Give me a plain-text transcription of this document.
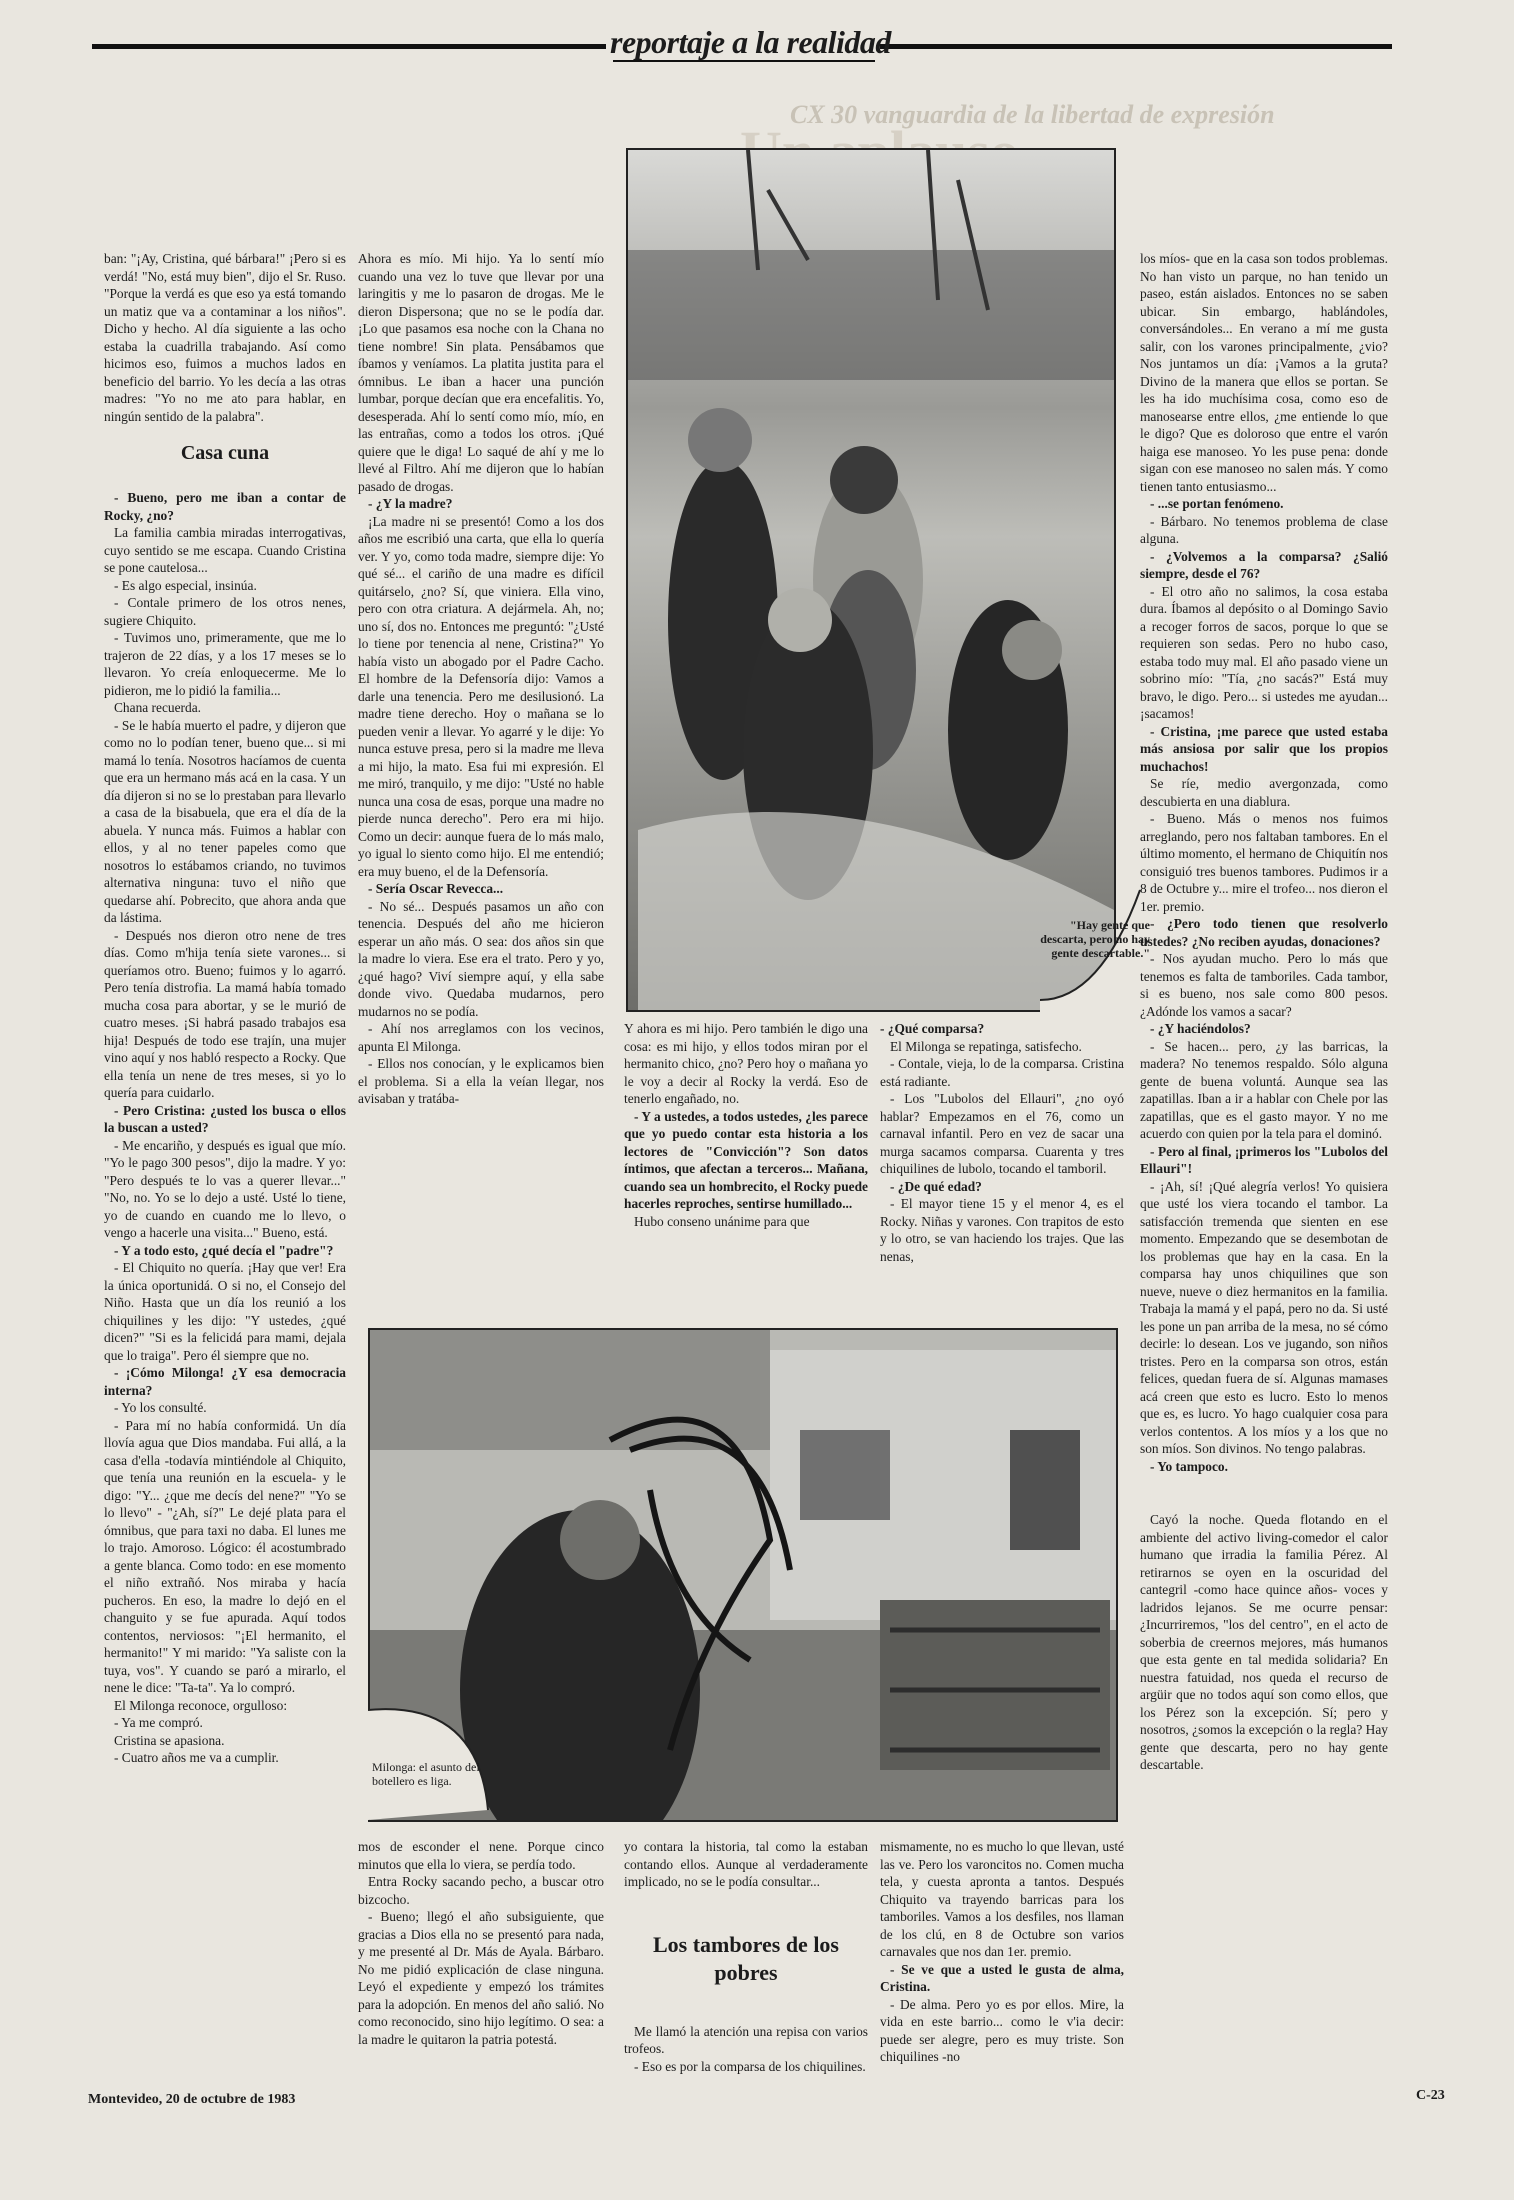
reportaje a la realidad
CX 30 vanguardia de la libertad de expresión

ban: "¡Ay, Cristina, qué bárbara!" ¡Pero si es verdá! "No, está muy bien", dijo el Sr. Ruso. "Porque la verdá es que eso ya está tomando un matiz que va a contaminar a los niños". Dicho y hecho. Al día siguiente a las ocho estaba la cuadrilla trabajando. Así como hicimos eso, fuimos a muchos lados en beneficio del barrio. Yo les decía a las otras madres: "Yo no me ato para hablar, en ningún sentido de la palabra".

Casa cuna

- Bueno, pero me iban a contar de Rocky, ¿no?

La familia cambia miradas interrogativas, cuyo sentido se me escapa. Cuando Cristina se pone cautelosa...

- Es algo especial, insinúa.

- Contale primero de los otros nenes, sugiere Chiquito.

- Tuvimos uno, primeramente, que me lo trajeron de 22 días, y a los 17 meses se lo llevaron. Yo creía enloquecerme. Me lo pidieron, me lo pidió la familia...

Chana recuerda.

- Se le había muerto el padre, y dijeron que como no lo podían tener, bueno que... si mi mamá lo tenía. Nosotros hacíamos de cuenta que era un hermano más acá en la casa. Y un día dijeron si no se lo prestaban para llevarlo a casa de la bisabuela, que era el día de la abuela. Y nunca más. Fuimos a hablar con ellos, y al no tener papeles como que nosotros lo estábamos criando, no tuvimos alternativa ninguna: tuvo el niño que quedarse ahí. Pobrecito, que ahora anda que da lástima.

- Después nos dieron otro nene de tres días. Como m'hija tenía siete varones... si queríamos otro. Bueno; fuimos y lo agarró. Pero tenía distrofia. La mamá había tomado mucha cosa para abortar, y se le murió de cuatro meses. ¡Si habrá pasado trabajos esa hija! Después de todo ese trajín, una mujer vino aquí y nos habló respecto a Rocky. Que ella tenía un nene de tres meses, si yo lo quería para cuidarlo.

- Pero Cristina: ¿usted los busca o ellos la buscan a usted?

- Me encariño, y después es igual que mío. "Yo le pago 300 pesos", dijo la madre. Y yo: "Pero después te lo vas a querer llevar..." "No, no. Yo se lo dejo a usté. Usté lo tiene, yo de cuando en cuando me lo llevo, o vengo a hacerle una visita..." Bueno, está.

- Y a todo esto, ¿qué decía el "padre"?

- El Chiquito no quería. ¡Hay que ver! Era la única oportunidá. O si no, el Consejo del Niño. Hasta que un día los reunió a los chiquilines y les dijo: "Y ustedes, ¿qué dicen?" "Si es la felicidá para mami, dejala que lo traiga". Pero él siempre que no.

- ¡Cómo Milonga! ¿Y esa democracia interna?

- Yo los consulté.

- Para mí no había conformidá. Un día llovía agua que Dios mandaba. Fui allá, a la casa d'ella -todavía mintiéndole al Chiquito, que tenía una reunión en la escuela- y le digo: "Y... ¿que me decís del nene?" "Yo se lo llevo" - "¿Ah, sí?" Le dejé plata para el ómnibus, que para taxi no daba. El lunes me lo trajo. Amoroso. Lógico: él acostumbrado a gente blanca. Como todo: en ese momento el niño extrañó. Nos miraba y hacía pucheros. En eso, la madre lo dejó en el changuito y se fue apurada. Aquí todos contentos, nerviosos: "¡El hermanito, el hermanito!" Y mi marido: "Ya saliste con la tuya, vos". Y cuando se paró a mirarlo, el nene le dice: "Ta-ta". Ya lo compró.

El Milonga reconoce, orgulloso:

- Ya me compró.

Cristina se apasiona.

- Cuatro años me va a cumplir.

Ahora es mío. Mi hijo. Ya lo sentí mío cuando una vez lo tuve que llevar por una laringitis y me lo pasaron de drogas. Me le dieron Dispersona; que no se le podía dar. ¡Lo que pasamos esa noche con la Chana no tiene nombre! Sin plata. Pensábamos que íbamos y veníamos. La platita justita para el ómnibus. Le iban a hacer una punción lumbar, porque decían que era encefalitis. Yo, desesperada. Ahí lo sentí como mío, mío, en las entrañas, como a todos los otros. ¡Qué quiere que le diga! Lo saqué de ahí y me lo llevé al Filtro. Ahí me dijeron que lo habían pasado de drogas.

- ¿Y la madre?

¡La madre ni se presentó! Como a los dos años me escribió una carta, que ella lo quería ver. Y yo, como toda madre, siempre dije: Yo qué sé... el cariño de una madre es difícil quitárselo, ¿no? Sí, que viniera. Ella vino, pero con otra criatura. A dejármela. Ah, no; uno sí, dos no. Entonces me preguntó: "¿Usté lo tiene por tenencia al nene, Cristina?" Yo había visto un abogado por el Padre Cacho. El hombre de la Defensoría dijo: Vamos a darle una tenencia. Pero me desilusionó. La madre tiene derecho. Hoy o mañana se lo pueden venir a llevar. Yo agarré y le dije: Yo nunca estuve presa, pero si la madre me lleva a mi hijo, la mato. Esa fui mi expresión. El me miró, tranquilo, y me dijo: "Usté no hable nunca una cosa de esas, porque una madre no pierde nunca derecho". Pero era mi hijo. Como un decir: aunque fuera de lo más malo, yo igual lo siento como hijo. El me entendió; era muy bueno, el de la Defensoría.

- Sería Oscar Revecca...

- No sé... Después pasamos un año con tenencia. Después del año me hicieron esperar un año más. O sea: dos años sin que la madre lo viera. Ese era el trato. Pero y yo, ¿qué hago? Viví siempre aquí, y ella sabe donde vivo. Quedaba mudarnos, pero mudarnos no se podía.

- Ahí nos arreglamos con los vecinos, apunta El Milonga.

- Ellos nos conocían, y le explicamos bien el problema. Si a ella la veían llegar, nos avisaban y tratába-

"Hay gente que descarta, pero no hay gente descartable."

Y ahora es mi hijo. Pero también le digo una cosa: es mi hijo, y ellos todos miran por el hermanito chico, ¿no? Pero hoy o mañana yo le voy a decir al Rocky la verdá. Eso de tenerlo engañado, no.

- Y a ustedes, a todos ustedes, ¿les parece que yo puedo contar esta historia a los lectores de "Convicción"? Son datos íntimos, que afectan a terceros... Mañana, cuando sea un hombrecito, el Rocky puede hacerles reproches, sentirse humillado...

Hubo conseno unánime para que

- ¿Qué comparsa?

El Milonga se repatinga, satisfecho.

- Contale, vieja, lo de la comparsa. Cristina está radiante.

- Los "Lubolos del Ellauri", ¿no oyó hablar? Empezamos en el 76, como un carnaval infantil. Pero en vez de sacar una murga sacamos comparsa. Cuarenta y tres chiquilines de lubolo, tocando el tamboril.

- ¿De qué edad?

- El mayor tiene 15 y el menor 4, es el Rocky. Niñas y varones. Con trapitos de esto y lo otro, se van haciendo los trajes. Que las nenas,

Milonga: el asunto del botellero es liga.

mos de esconder el nene. Porque cinco minutos que ella lo viera, se perdía todo.

Entra Rocky sacando pecho, a buscar otro bizcocho.

- Bueno; llegó el año subsiguiente, que gracias a Dios ella no se presentó para nada, y me presenté al Dr. Más de Ayala. Bárbaro. No me pidió explicación de clase ninguna. Leyó el expediente y empezó los trámites para la adopción. En menos del año salió. No como reconocido, sino hijo legítimo. O sea: a la madre le quitaron la patria potestá.

yo contara la historia, tal como la estaban contando ellos. Aunque al verdaderamente implicado, no se le podía consultar...

Los tambores de los pobres

Me llamó la atención una repisa con varios trofeos.

- Eso es por la comparsa de los chiquilines.

mismamente, no es mucho lo que llevan, usté las ve. Pero los varoncitos no. Comen mucha tela, y cuesta apronta a tantos. Después Chiquito va trayendo barricas para los tamboriles. Vamos a los desfiles, nos llaman de los clú, en 8 de Octubre son varios carnavales que nos dan 1er. premio.

- Se ve que a usted le gusta de alma, Cristina.

- De alma. Pero yo es por ellos. Mire, la vida en este barrio... como le v'ia decir: puede ser alegre, pero es muy triste. Son chiquilines -no

los míos- que en la casa son todos problemas. No han visto un parque, no han tenido un paseo, están aislados. Entonces no se saben ubicar. Sin embargo, hablándoles, conversándoles... En verano a mí me gusta salir, con los varones principalmente, ¿vio? Nos juntamos un día: ¡Vamos a la gruta? Divino de la manera que ellos se portan. Se les ha ido muchísima cosa, como eso de manosearse entre ellos, ¿me entiende lo que le digo? Que es doloroso que entre el varón haiga ese manoseo. Yo les puse pena: donde sigan con ese manoseo no salen más. Y como tienen tanto entusiasmo...

- ...se portan fenómeno.

- Bárbaro. No tenemos problema de clase alguna.

- ¿Volvemos a la comparsa? ¿Salió siempre, desde el 76?

- El otro año no salimos, la cosa estaba dura. Íbamos al depósito o al Domingo Savio a recoger forros de sacos, porque lo que se requieren son sedas. Pero no hubo caso, estaba todo muy mal. El año pasado viene un sobrino mío: "Tía, ¿no sacás?" Está muy bravo, le digo. Pero... si ustedes me ayudan... ¡sacamos!

- Cristina, ¡me parece que usted estaba más ansiosa por salir que los propios muchachos!

Se ríe, medio avergonzada, como descubierta en una diablura.

- Bueno. Más o menos nos fuimos arreglando, pero nos faltaban tambores. En el último momento, el hermano de Chiquitín nos consiguió tres buenos tambores. Pudimos ir a 8 de Octubre y... mire el trofeo... nos dieron el 1er. premio.

- ¿Pero todo tienen que resolverlo ustedes? ¿No reciben ayudas, donaciones?

- Nos ayudan mucho. Pero lo más que tenemos es falta de tamboriles. Cada tambor, si es bueno, nos sale como 800 pesos. ¿Adónde los vamos a sacar?

- ¿Y haciéndolos?

- Se hacen... pero, ¿y las barricas, la madera? No tenemos respaldo. Sólo alguna gente de buena voluntá. Aunque sea las zapatillas. Iban a ir a hablar con Chele por las zapatillas, que es el gasto mayor. Y no me acuerdo con quien por la tela para el dominó.

- Pero al final, ¡primeros los "Lubolos del Ellauri"!

- ¡Ah, sí! ¡Qué alegría verlos! Yo quisiera que usté los viera tocando el tambor. La satisfacción tremenda que sienten en ese momento. Empezando que se desembotan de los problemas que hay en la casa. En la comparsa hay unos chiquilines que son nueve, nueve o diez hermanitos en la familia. Trabaja la mamá y el papá, pero no da. Si usté les pone un pan arriba de la mesa, no sé cómo decirle: lo desean. Los ve jugando, son niños tristes. Pero en la comparsa son otros, están felices, quedan fuera de sí. Algunas mamases acá creen que esto es lucro. Esto lo menos que es, es lucro. Yo hago cualquier cosa para verlos contentos. A los míos y a los que no son míos. Son divinos. No tengo palabras.

- Yo tampoco.

Cayó la noche. Queda flotando en el ambiente del activo living-comedor el calor humano que irradia la familia Pérez. Al retirarnos se oyen en la oscuridad del cantegril -como hace quince años- voces y ladridos lejanos. Se me ocurre pensar: ¿Incurriremos, "los del centro", en el acto de soberbia de creernos mejores, más humanos que esta gente en tal medida solidaria? En nuestra fatuidad, nos queda el recurso de argüir que no todos aquí son como ellos, que los Pérez son la excepción. Sí; pero y nosotros, ¿somos la excepción o la regla? Hay gente que descarta, pero no hay gente descartable.

Montevideo, 20 de octubre de 1983	C-23
